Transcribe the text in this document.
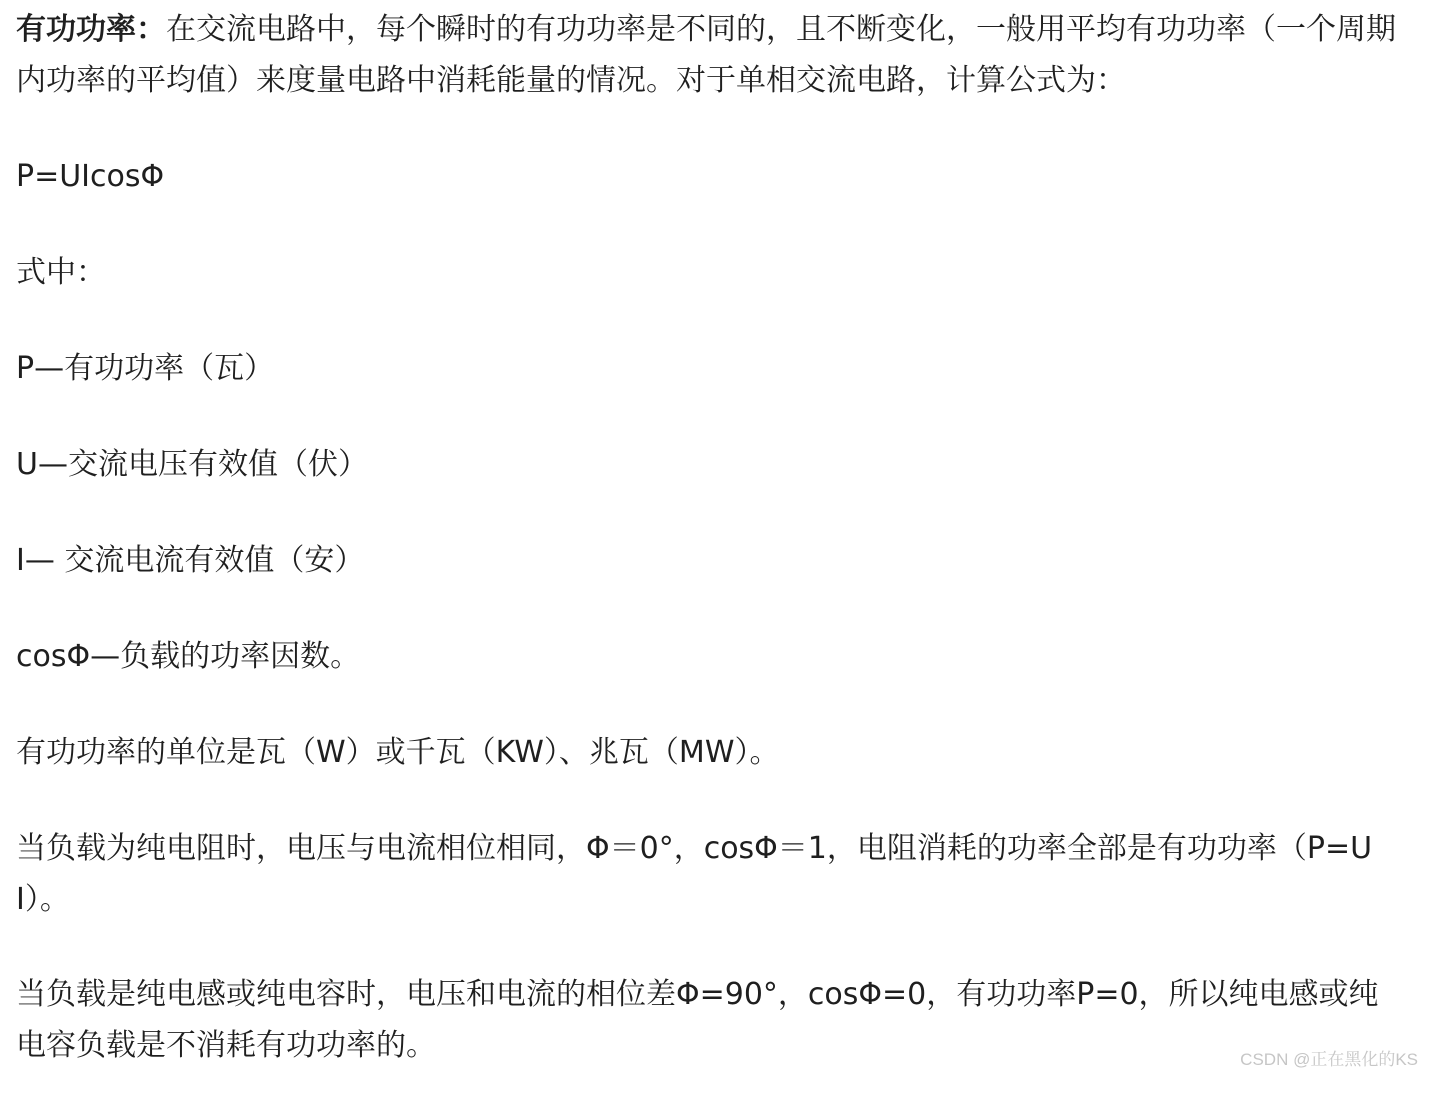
有功功率：在交流电路中，每个瞬时的有功功率是不同的，且不断变化，一般用平均有功功率（一个周期内功率的平均值）来度量电路中消耗能量的情况。对于单相交流电路，计算公式为：

P=UIcosΦ

式中：

P—有功功率（瓦）

U—交流电压有效值（伏）

I— 交流电流有效值（安）

cosΦ—负载的功率因数。

有功功率的单位是瓦（W）或千瓦（KW）、兆瓦（MW）。

当负载为纯电阻时，电压与电流相位相同，Φ＝0°，cosΦ＝1，电阻消耗的功率全部是有功功率（P=UI）。

当负载是纯电感或纯电容时，电压和电流的相位差Φ=90°，cosΦ=0，有功功率P=0，所以纯电感或纯电容负载是不消耗有功功率的。	CSDN @正在黑化的KS
